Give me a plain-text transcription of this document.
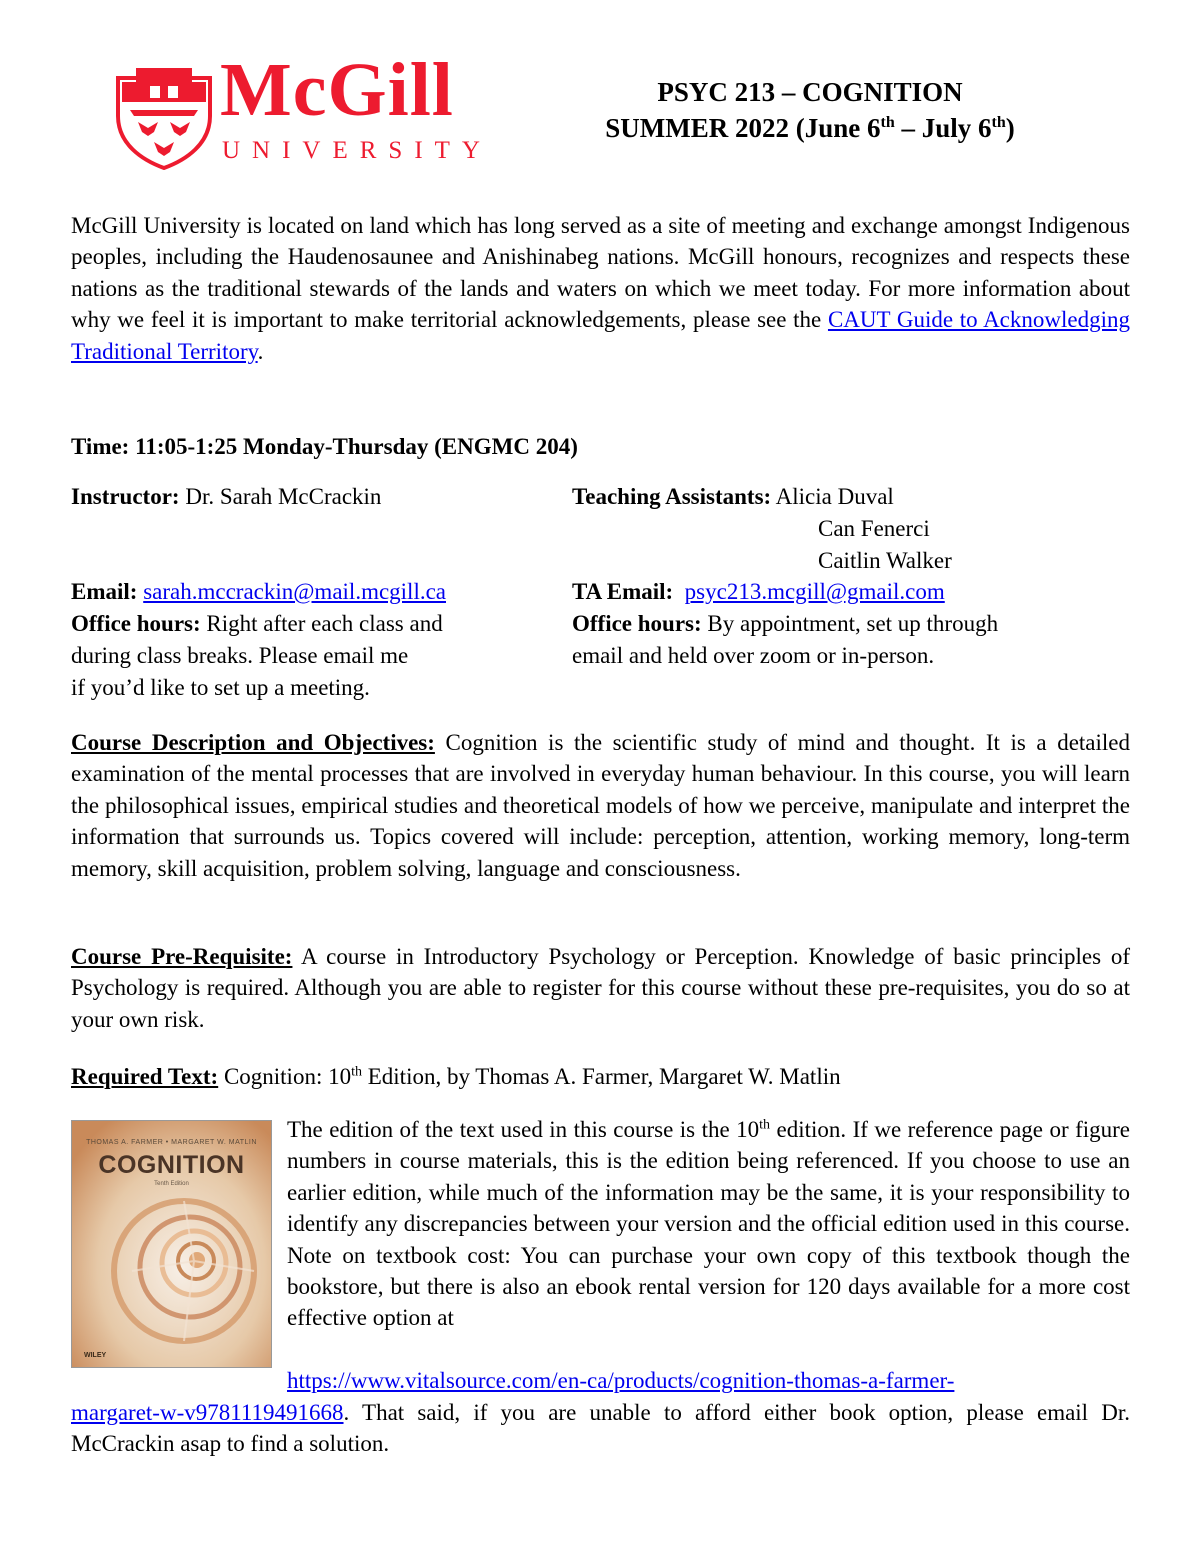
McGill
UNIVERSITY
PSYC 213 – COGNITION
SUMMER 2022 (June 6th – July 6th)
McGill University is located on land which has long served as a site of meeting and exchange amongst Indigenous peoples, including the Haudenosaunee and Anishinabeg nations. McGill honours, recognizes and respects these nations as the traditional stewards of the lands and waters on which we meet today. For more information about why we feel it is important to make territorial acknowledgements, please see the CAUT Guide to Acknowledging Traditional Territory.
Time: 11:05-1:25 Monday-Thursday (ENGMC 204)
Instructor: Dr. Sarah McCrackin
Email: sarah.mccrackin@mail.mcgill.ca
Office hours: Right after each class and
during class breaks. Please email me
if you’d like to set up a meeting.
Teaching Assistants: Alicia Duval
Can Fenerci
Caitlin Walker
TA Email: psyc213.mcgill@gmail.com
Office hours: By appointment, set up through
email and held over zoom or in-person.
Course Description and Objectives: Cognition is the scientific study of mind and thought. It is a detailed examination of the mental processes that are involved in everyday human behaviour. In this course, you will learn the philosophical issues, empirical studies and theoretical models of how we perceive, manipulate and interpret the information that surrounds us. Topics covered will include: perception, attention, working memory, long-term memory, skill acquisition, problem solving, language and consciousness.
Course Pre-Requisite: A course in Introductory Psychology or Perception. Knowledge of basic principles of Psychology is required. Although you are able to register for this course without these pre-requisites, you do so at your own risk.
Required Text: Cognition: 10th Edition, by Thomas A. Farmer, Margaret W. Matlin
THOMAS A. FARMER • MARGARET W. MATLIN
COGNITION
Tenth Edition
WILEY
The edition of the text used in this course is the 10th edition. If we reference page or figure numbers in course materials, this is the edition being referenced. If you choose to use an earlier edition, while much of the information may be the same, it is your responsibility to identify any discrepancies between your version and the official edition used in this course. Note on textbook cost: You can purchase your own copy of this textbook though the bookstore, but there is also an ebook rental version for 120 days available for a more cost effective option at
https://www.vitalsource.com/en-ca/products/cognition-thomas-a-farmer-
margaret-w-v9781119491668. That said, if you are unable to afford either book option, please email Dr. McCrackin asap to find a solution.
